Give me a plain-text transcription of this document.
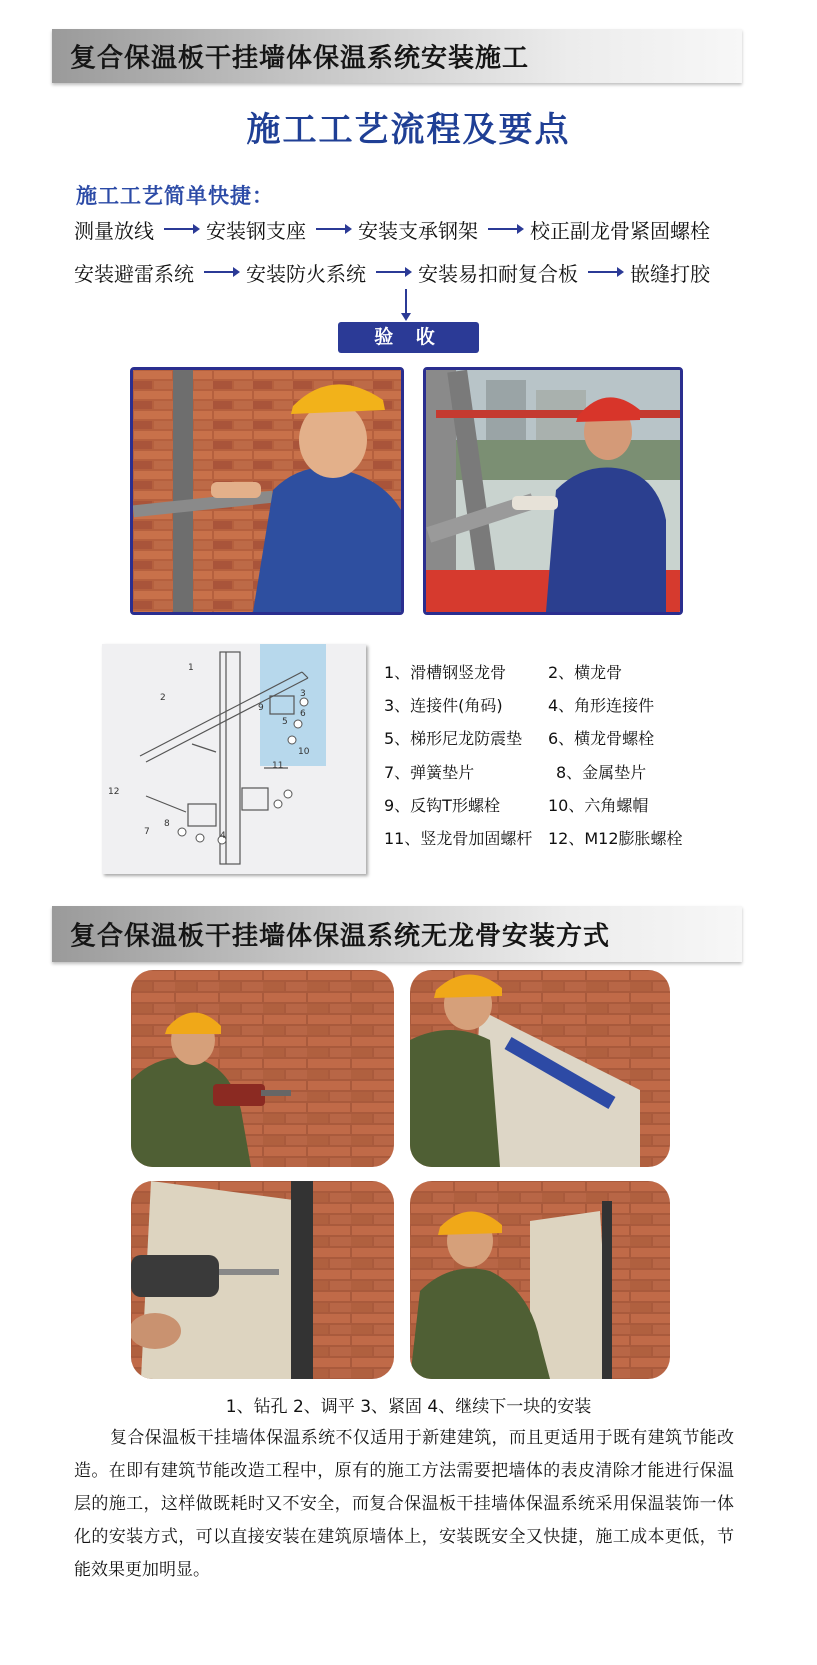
复合保温板干挂墙体保温系统安装施工
施工工艺流程及要点
施工工艺简单快捷：
测量放线	安装钢支座	安装支承钢架	校正副龙骨紧固螺栓
安装避雷系统	安装防火系统	安装易扣耐复合板	嵌缝打胶
验 收
1
2	3
4
5
6
7
8
9
10
11
12
1、滑槽钢竖龙骨	2、横龙骨
3、连接件(角码)	4、角形连接件
5、梯形尼龙防震垫 6、横龙骨螺栓
7、弹簧垫片	8、金属垫片
9、反钩T形螺栓	10、六角螺帽
11、竖龙骨加固螺杆 12、M12膨胀螺栓
复合保温板干挂墙体保温系统无龙骨安装方式
1、钻孔 2、调平 3、紧固 4、继续下一块的安装
复合保温板干挂墙体保温系统不仅适用于新建建筑，而且更适用于既有建筑节能改造。在即有建筑节能改造工程中，原有的施工方法需要把墙体的表皮清除才能进行保温层的施工，这样做既耗时又不安全，而复合保温板干挂墙体保温系统采用保温装饰一体化的安装方式，可以直接安装在建筑原墙体上，安装既安全又快捷，施工成本更低，节能效果更加明显。
